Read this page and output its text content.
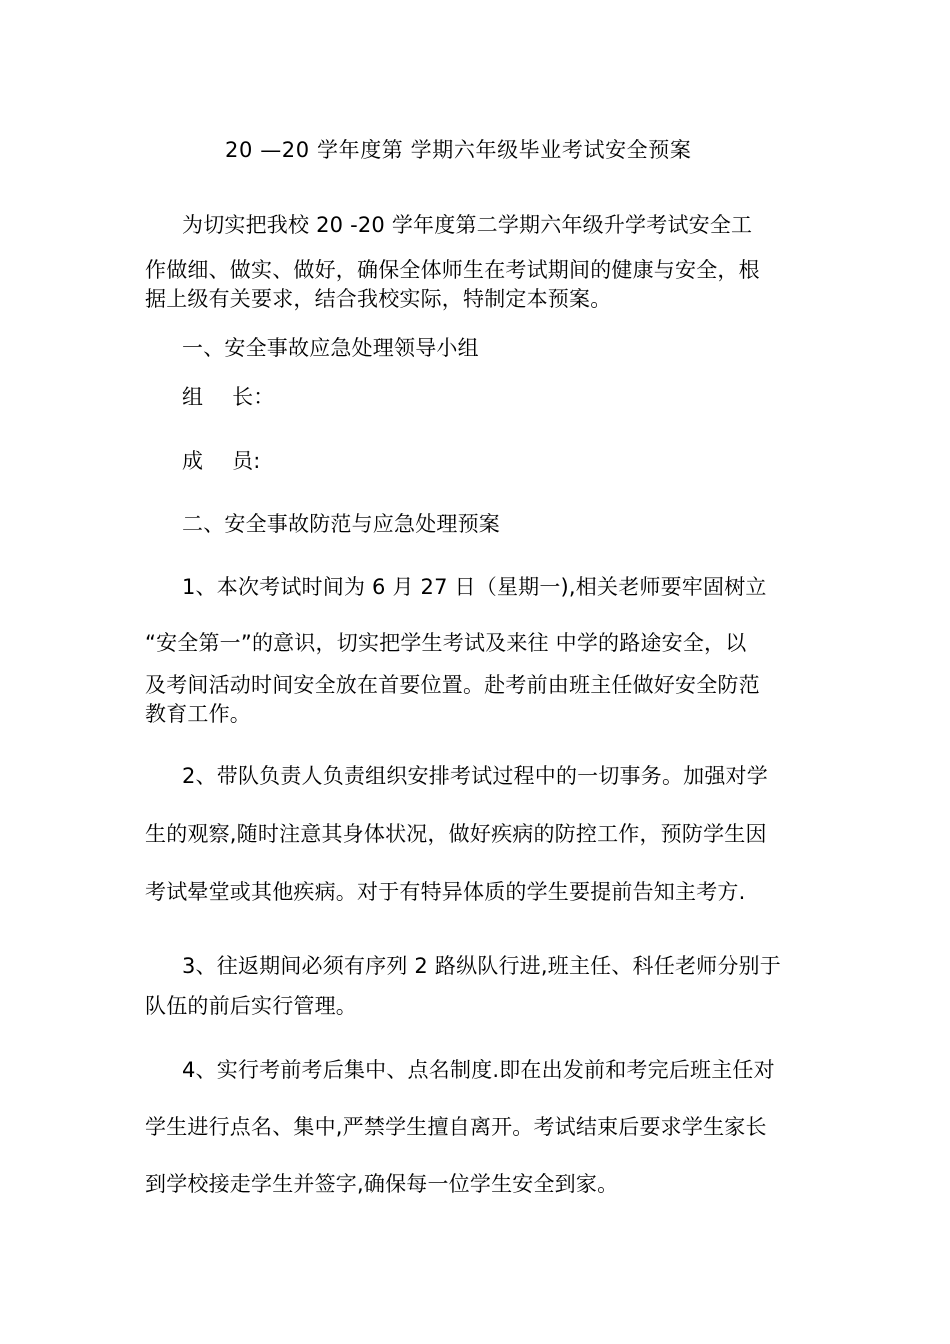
20 —20 学年度第 学期六年级毕业考试安全预案
为切实把我校 20 -20 学年度第二学期六年级升学考试安全工
作做细、做实、做好，确保全体师生在考试期间的健康与安全，根
据上级有关要求，结合我校实际，特制定本预案。
一、安全事故应急处理领导小组
组 长：
成 员:
二、安全事故防范与应急处理预案
1、本次考试时间为 6 月 27 日（星期一),相关老师要牢固树立
“安全第一”的意识，切实把学生考试及来往 中学的路途安全，以
及考间活动时间安全放在首要位置。赴考前由班主任做好安全防范
教育工作。
2、带队负责人负责组织安排考试过程中的一切事务。加强对学
生的观察,随时注意其身体状况，做好疾病的防控工作，预防学生因
考试晕堂或其他疾病。对于有特异体质的学生要提前告知主考方.
3、往返期间必须有序列 2 路纵队行进,班主任、科任老师分别于
队伍的前后实行管理。
4、实行考前考后集中、点名制度.即在出发前和考完后班主任对
学生进行点名、集中,严禁学生擅自离开。考试结束后要求学生家长
到学校接走学生并签字,确保每一位学生安全到家。
